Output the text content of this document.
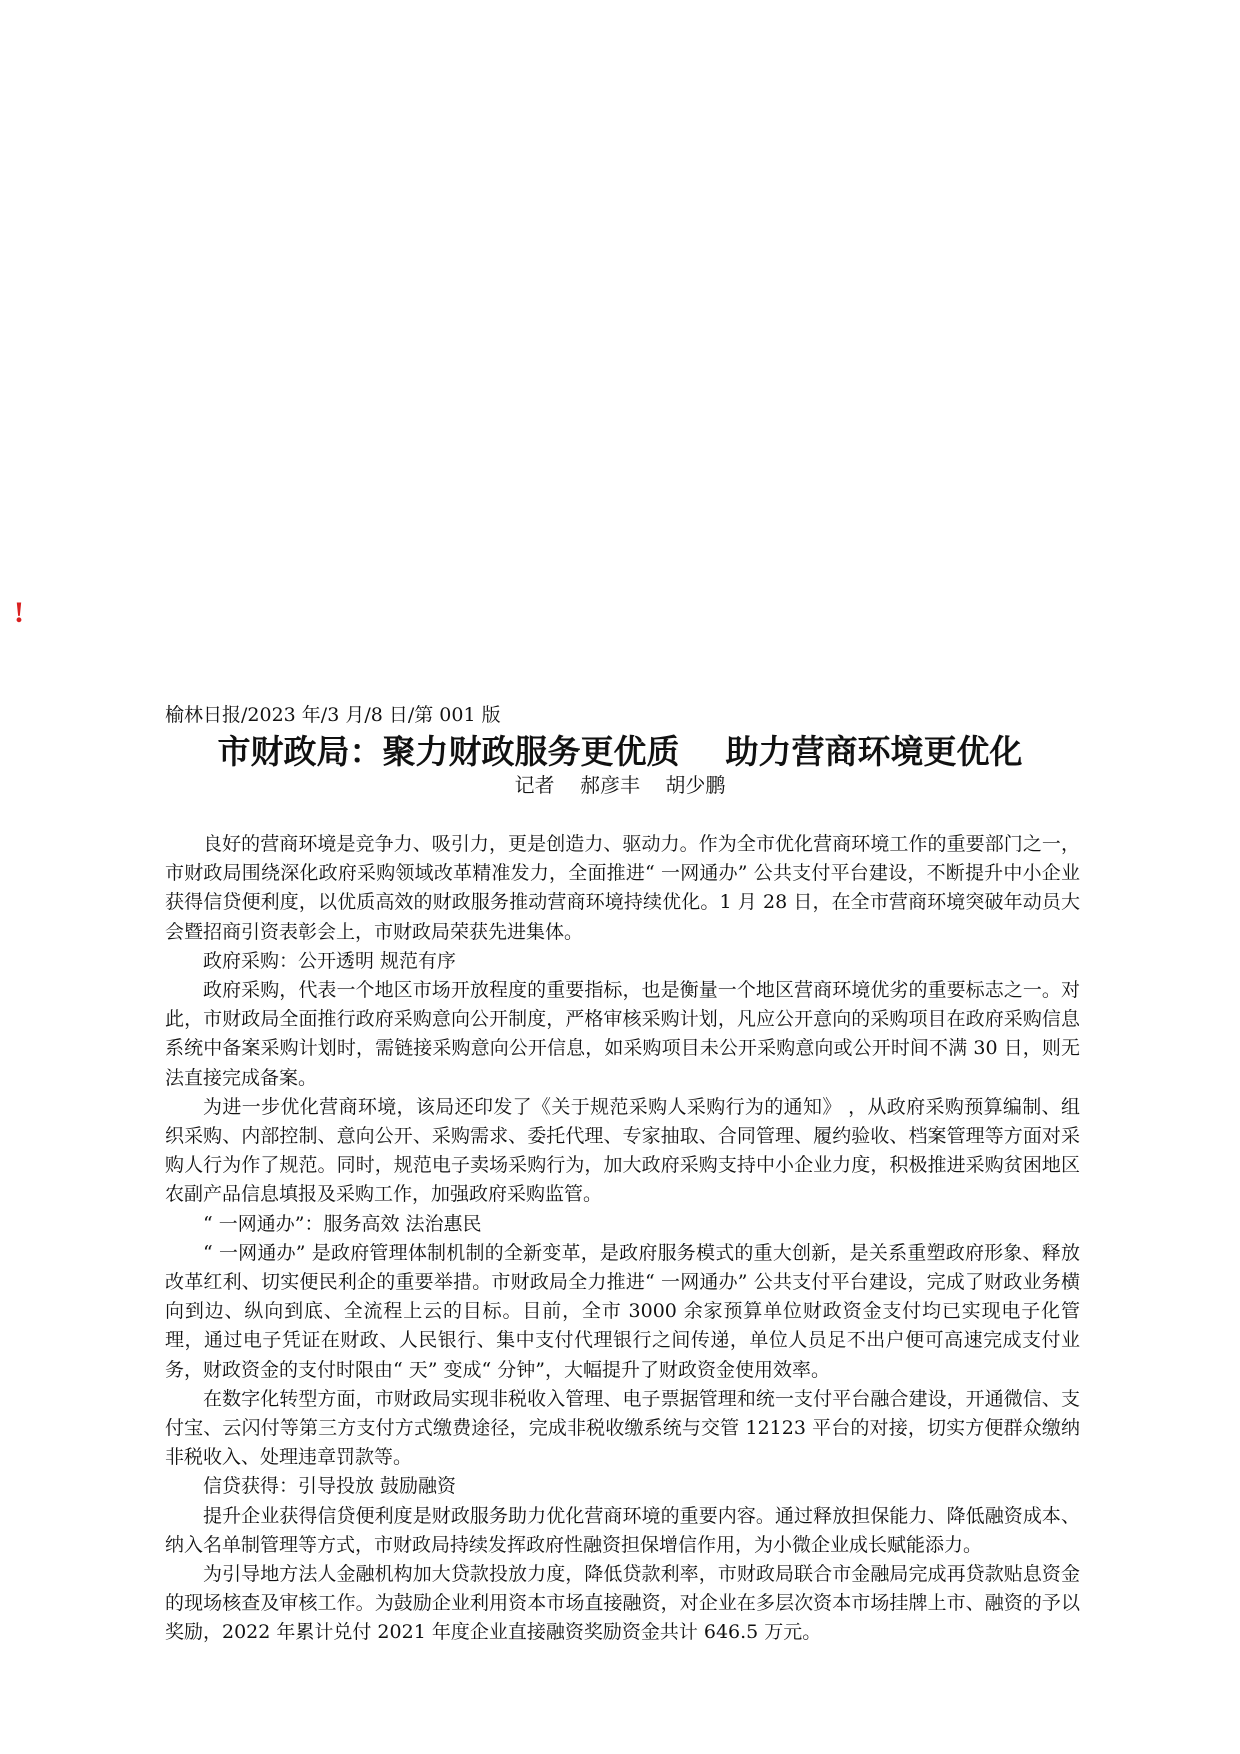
!
榆林日报/2023 年/3 月/8 日/第 001 版
市财政局：聚力财政服务更优质    助力营商环境更优化
记者    郝彦丰    胡少鹏

良好的营商环境是竞争力、吸引力，更是创造力、驱动力。作为全市优化营商环境工作的重要部门之一，市财政局围绕深化政府采购领域改革精准发力，全面推进“ 一网通办” 公共支付平台建设，不断提升中小企业获得信贷便利度，以优质高效的财政服务推动营商环境持续优化。1 月 28 日，在全市营商环境突破年动员大会暨招商引资表彰会上，市财政局荣获先进集体。

政府采购：公开透明 规范有序

政府采购，代表一个地区市场开放程度的重要指标，也是衡量一个地区营商环境优劣的重要标志之一。对此，市财政局全面推行政府采购意向公开制度，严格审核采购计划，凡应公开意向的采购项目在政府采购信息系统中备案采购计划时，需链接采购意向公开信息，如采购项目未公开采购意向或公开时间不满 30 日，则无法直接完成备案。

为进一步优化营商环境，该局还印发了《关于规范采购人采购行为的通知》 ，从政府采购预算编制、组织采购、内部控制、意向公开、采购需求、委托代理、专家抽取、合同管理、履约验收、档案管理等方面对采购人行为作了规范。同时，规范电子卖场采购行为，加大政府采购支持中小企业力度，积极推进采购贫困地区农副产品信息填报及采购工作，加强政府采购监管。

“ 一网通办”：服务高效 法治惠民

“ 一网通办” 是政府管理体制机制的全新变革，是政府服务模式的重大创新，是关系重塑政府形象、释放改革红利、切实便民利企的重要举措。市财政局全力推进“ 一网通办” 公共支付平台建设，完成了财政业务横向到边、纵向到底、全流程上云的目标。目前，全市 3000 余家预算单位财政资金支付均已实现电子化管理，通过电子凭证在财政、人民银行、集中支付代理银行之间传递，单位人员足不出户便可高速完成支付业务，财政资金的支付时限由“ 天” 变成“ 分钟”，大幅提升了财政资金使用效率。

在数字化转型方面，市财政局实现非税收入管理、电子票据管理和统一支付平台融合建设，开通微信、支付宝、云闪付等第三方支付方式缴费途径，完成非税收缴系统与交管 12123 平台的对接，切实方便群众缴纳非税收入、处理违章罚款等。

信贷获得：引导投放 鼓励融资

提升企业获得信贷便利度是财政服务助力优化营商环境的重要内容。通过释放担保能力、降低融资成本、纳入名单制管理等方式，市财政局持续发挥政府性融资担保增信作用，为小微企业成长赋能添力。

为引导地方法人金融机构加大贷款投放力度，降低贷款利率，市财政局联合市金融局完成再贷款贴息资金的现场核查及审核工作。为鼓励企业利用资本市场直接融资，对企业在多层次资本市场挂牌上市、融资的予以奖励，2022 年累计兑付 2021 年度企业直接融资奖励资金共计 646.5 万元。
